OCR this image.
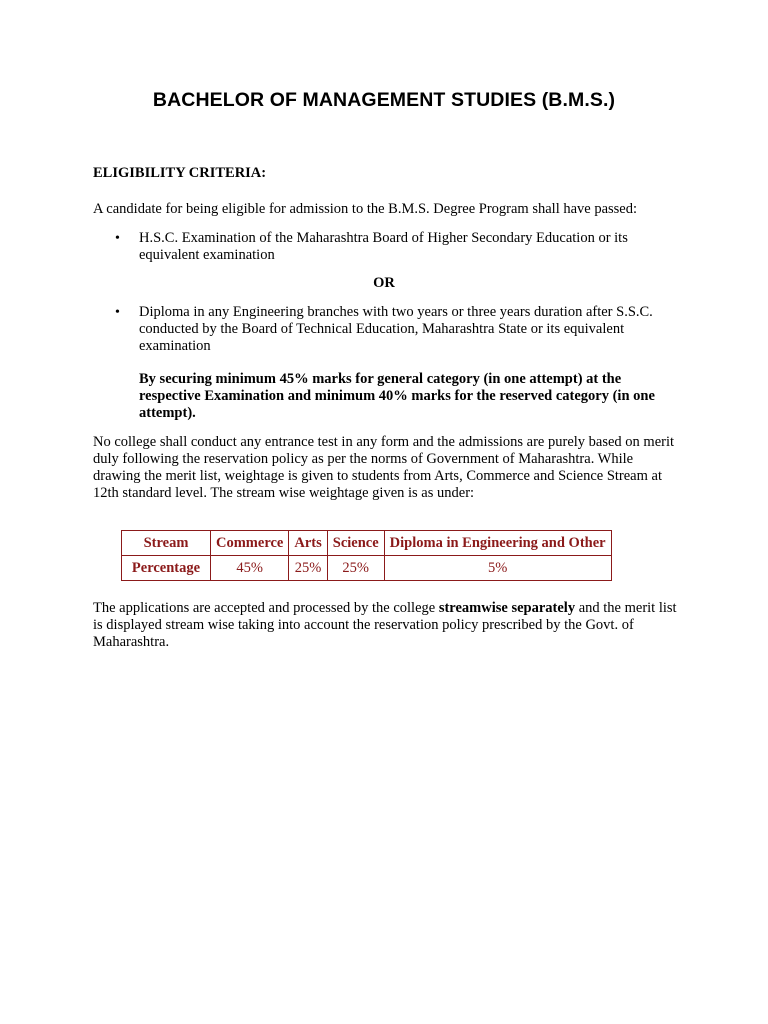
BACHELOR OF MANAGEMENT STUDIES (B.M.S.)

ELIGIBILITY CRITERIA:

A candidate for being eligible for admission to the B.M.S. Degree Program shall have passed:

• H.S.C. Examination of the Maharashtra Board of Higher Secondary Education or its equivalent examination

OR

• Diploma in any Engineering branches with two years or three years duration after S.S.C. conducted by the Board of Technical Education, Maharashtra State or its equivalent examination

By securing minimum 45% marks for general category (in one attempt) at the respective Examination and minimum 40% marks for the reserved category (in one attempt).

No college shall conduct any entrance test in any form and the admissions are purely based on merit duly following the reservation policy as per the norms of Government of Maharashtra. While drawing the merit list, weightage is given to students from Arts, Commerce and Science Stream at 12th standard level. The stream wise weightage given is as under:

Stream	Commerce	Arts	Science	Diploma in Engineering and Other
Percentage	45%	25%	25%	5%

The applications are accepted and processed by the college streamwise separately and the merit list is displayed stream wise taking into account the reservation policy prescribed by the Govt. of Maharashtra.
